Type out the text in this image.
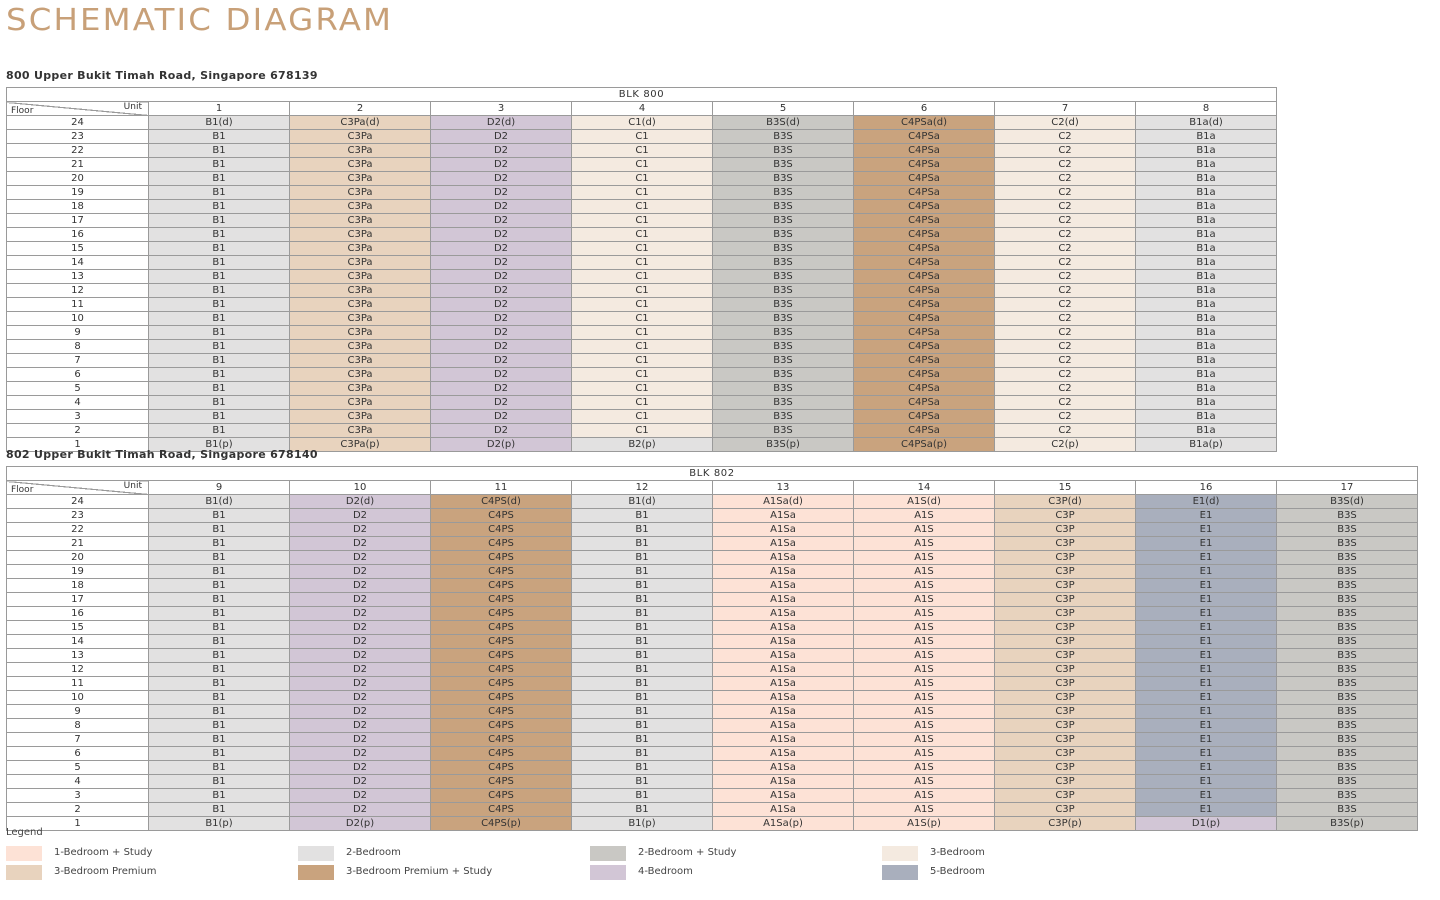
SCHEMATIC DIAGRAM
800 Upper Bukit Timah Road, Singapore 678139
BLK 800								

Unit
Floor	1	2	3	4	5	6	7	8
24	B1(d)	C3Pa(d)	D2(d)	C1(d)	B3S(d)	C4PSa(d)	C2(d)	B1a(d)
23	B1	C3Pa	D2	C1	B3S	C4PSa	C2	B1a
22	B1	C3Pa	D2	C1	B3S	C4PSa	C2	B1a
21	B1	C3Pa	D2	C1	B3S	C4PSa	C2	B1a
20	B1	C3Pa	D2	C1	B3S	C4PSa	C2	B1a
19	B1	C3Pa	D2	C1	B3S	C4PSa	C2	B1a
18	B1	C3Pa	D2	C1	B3S	C4PSa	C2	B1a
17	B1	C3Pa	D2	C1	B3S	C4PSa	C2	B1a
16	B1	C3Pa	D2	C1	B3S	C4PSa	C2	B1a
15	B1	C3Pa	D2	C1	B3S	C4PSa	C2	B1a
14	B1	C3Pa	D2	C1	B3S	C4PSa	C2	B1a
13	B1	C3Pa	D2	C1	B3S	C4PSa	C2	B1a
12	B1	C3Pa	D2	C1	B3S	C4PSa	C2	B1a
11	B1	C3Pa	D2	C1	B3S	C4PSa	C2	B1a
10	B1	C3Pa	D2	C1	B3S	C4PSa	C2	B1a
9	B1	C3Pa	D2	C1	B3S	C4PSa	C2	B1a
8	B1	C3Pa	D2	C1	B3S	C4PSa	C2	B1a
7	B1	C3Pa	D2	C1	B3S	C4PSa	C2	B1a
6	B1	C3Pa	D2	C1	B3S	C4PSa	C2	B1a
5	B1	C3Pa	D2	C1	B3S	C4PSa	C2	B1a
4	B1	C3Pa	D2	C1	B3S	C4PSa	C2	B1a
3	B1	C3Pa	D2	C1	B3S	C4PSa	C2	B1a
2	B1	C3Pa	D2	C1	B3S	C4PSa	C2	B1a
1	B1(p)	C3Pa(p)	D2(p)	B2(p)	B3S(p)	C4PSa(p)	C2(p)	B1a(p)
802 Upper Bukit Timah Road, Singapore 678140
BLK 802									

Unit
Floor	9	10	11	12	13	14	15	16	17
24	B1(d)	D2(d)	C4PS(d)	B1(d)	A1Sa(d)	A1S(d)	C3P(d)	E1(d)	B3S(d)
23	B1	D2	C4PS	B1	A1Sa	A1S	C3P	E1	B3S
22	B1	D2	C4PS	B1	A1Sa	A1S	C3P	E1	B3S
21	B1	D2	C4PS	B1	A1Sa	A1S	C3P	E1	B3S
20	B1	D2	C4PS	B1	A1Sa	A1S	C3P	E1	B3S
19	B1	D2	C4PS	B1	A1Sa	A1S	C3P	E1	B3S
18	B1	D2	C4PS	B1	A1Sa	A1S	C3P	E1	B3S
17	B1	D2	C4PS	B1	A1Sa	A1S	C3P	E1	B3S
16	B1	D2	C4PS	B1	A1Sa	A1S	C3P	E1	B3S
15	B1	D2	C4PS	B1	A1Sa	A1S	C3P	E1	B3S
14	B1	D2	C4PS	B1	A1Sa	A1S	C3P	E1	B3S
13	B1	D2	C4PS	B1	A1Sa	A1S	C3P	E1	B3S
12	B1	D2	C4PS	B1	A1Sa	A1S	C3P	E1	B3S
11	B1	D2	C4PS	B1	A1Sa	A1S	C3P	E1	B3S
10	B1	D2	C4PS	B1	A1Sa	A1S	C3P	E1	B3S
9	B1	D2	C4PS	B1	A1Sa	A1S	C3P	E1	B3S
8	B1	D2	C4PS	B1	A1Sa	A1S	C3P	E1	B3S
7	B1	D2	C4PS	B1	A1Sa	A1S	C3P	E1	B3S
6	B1	D2	C4PS	B1	A1Sa	A1S	C3P	E1	B3S
5	B1	D2	C4PS	B1	A1Sa	A1S	C3P	E1	B3S
4	B1	D2	C4PS	B1	A1Sa	A1S	C3P	E1	B3S
3	B1	D2	C4PS	B1	A1Sa	A1S	C3P	E1	B3S
2	B1	D2	C4PS	B1	A1Sa	A1S	C3P	E1	B3S
1	B1(p)	D2(p)	C4PS(p)	B1(p)	A1Sa(p)	A1S(p)	C3P(p)	D1(p)	B3S(p)
Legend
1-Bedroom + Study	2-Bedroom	2-Bedroom + Study	3-Bedroom
3-Bedroom Premium	3-Bedroom Premium + Study	4-Bedroom	5-Bedroom
